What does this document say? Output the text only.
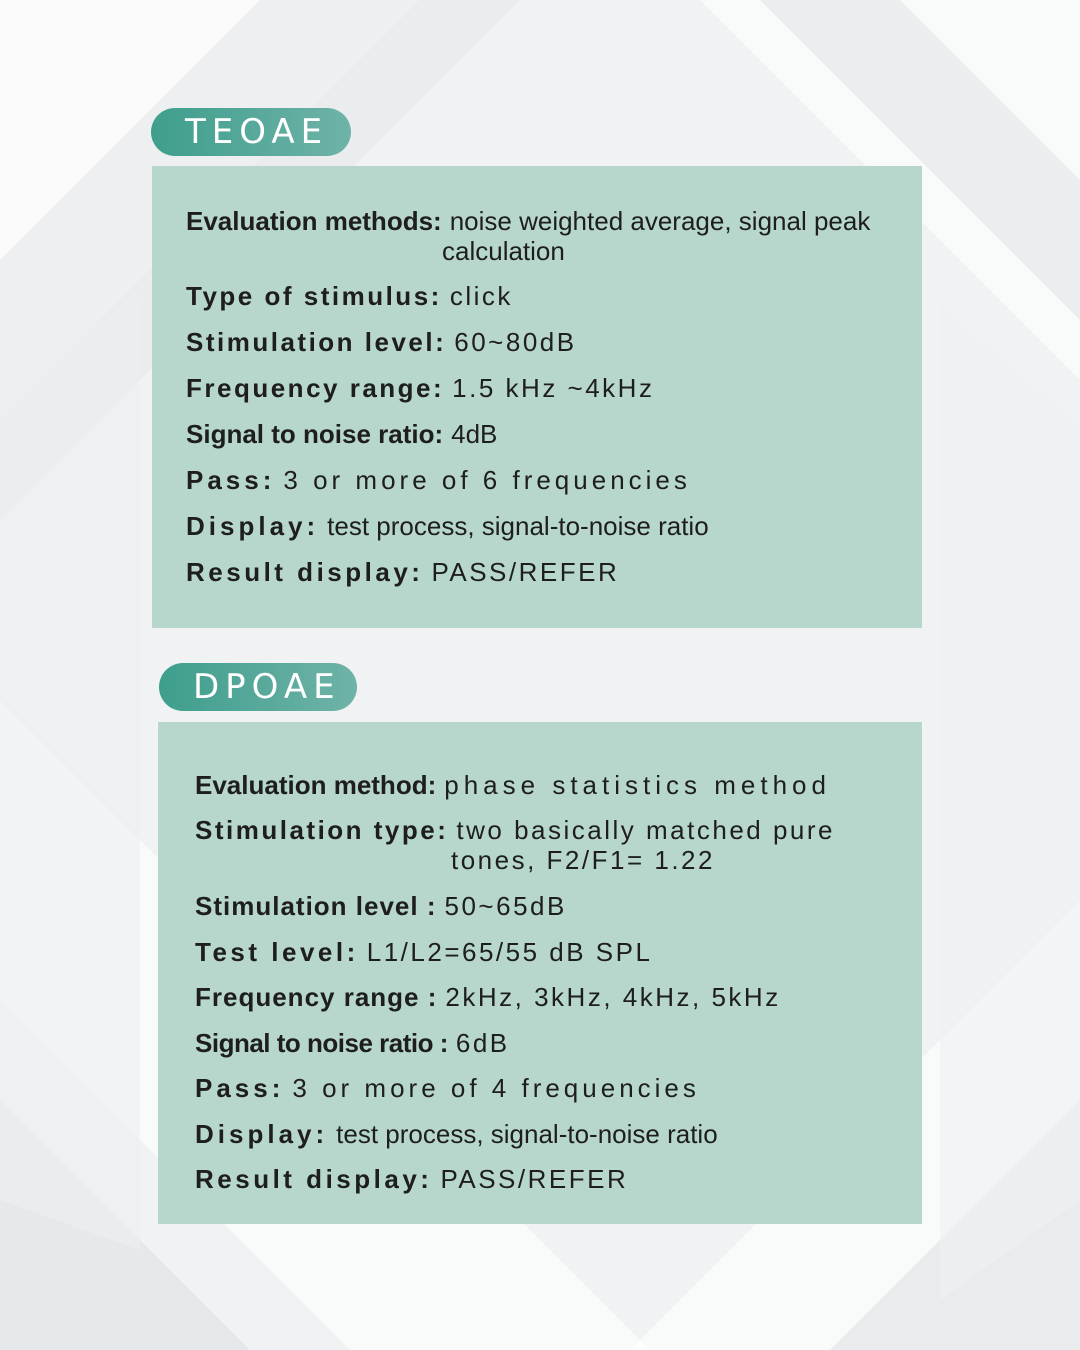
TEOAE
Evaluation methods: noise weighted average, signal peak
calculation
Type of stimulus: click
Stimulation level: 60~80dB
Frequency range: 1.5 kHz ~4kHz
Signal to noise ratio: 4dB
Pass: 3 or more of 6 frequencies
Display: test process, signal-to-noise ratio
Result display: PASS/REFER
DPOAE
Evaluation method: phase statistics method
Stimulation type: two basically matched pure
tones, F2/F1= 1.22
Stimulation level : 50~65dB
Test level: L1/L2=65/55 dB SPL
Frequency range : 2kHz, 3kHz, 4kHz, 5kHz
Signal to noise ratio : 6dB
Pass: 3 or more of 4 frequencies
Display: test process, signal-to-noise ratio
Result display: PASS/REFER
